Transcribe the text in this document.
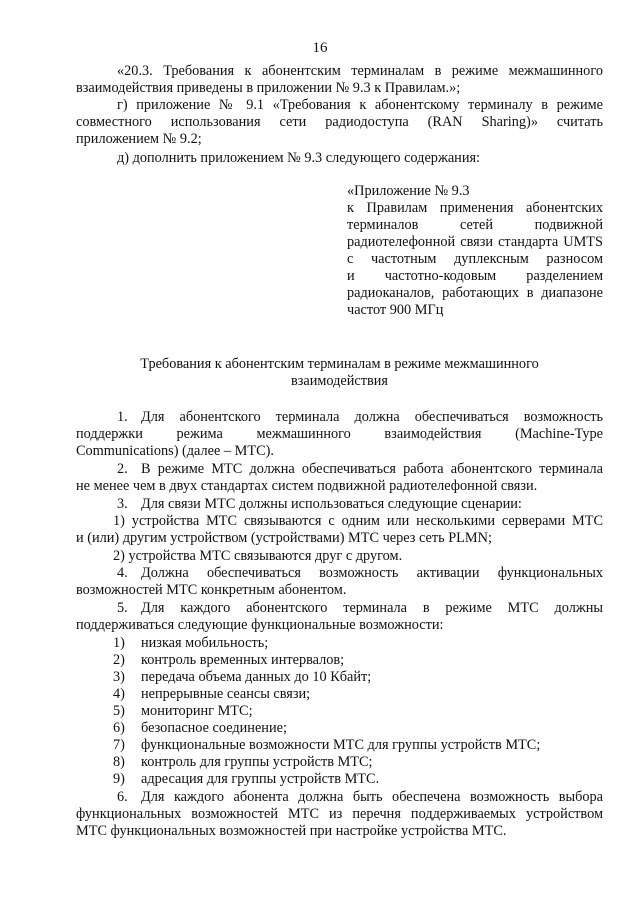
16
«20.3. Требования к абонентским терминалам в режиме межмашинного
взаимодействия приведены в приложении № 9.3 к Правилам.»;
г) приложение № 9.1 «Требования к абонентскому терминалу в режиме
совместного использования сети радиодоступа (RAN Sharing)» считать
приложением № 9.2;
д) дополнить приложением № 9.3 следующего содержания:
«Приложение № 9.3
к Правилам применения абонентских
терминалов сетей подвижной
радиотелефонной связи стандарта UMTS
с частотным дуплексным разносом
и частотно-кодовым разделением
радиоканалов, работающих в диапазоне
частот 900 МГц
Требования к абонентским терминалам в режиме межмашинного
взаимодействия
1. Для абонентского терминала должна обеспечиваться возможность
поддержки режима межмашинного взаимодействия (Machine-Type
Communications) (далее – МТС).
2. В режиме МТС должна обеспечиваться работа абонентского терминала
не менее чем в двух стандартах систем подвижной радиотелефонной связи.
3. Для связи МТС должны использоваться следующие сценарии:
1) устройства МТС связываются с одним или несколькими серверами МТС
и (или) другим устройством (устройствами) МТС через сеть PLMN;
2) устройства МТС связываются друг с другом.
4. Должна обеспечиваться возможность активации функциональных
возможностей МТС конкретным абонентом.
5. Для каждого абонентского терминала в режиме МТС должны
поддерживаться следующие функциональные возможности:
1) низкая мобильность;
2) контроль временных интервалов;
3) передача объема данных до 10 Кбайт;
4) непрерывные сеансы связи;
5) мониторинг МТС;
6) безопасное соединение;
7) функциональные возможности МТС для группы устройств МТС;
8) контроль для группы устройств МТС;
9) адресация для группы устройств МТС.
6. Для каждого абонента должна быть обеспечена возможность выбора
функциональных возможностей МТС из перечня поддерживаемых устройством
МТС функциональных возможностей при настройке устройства МТС.
